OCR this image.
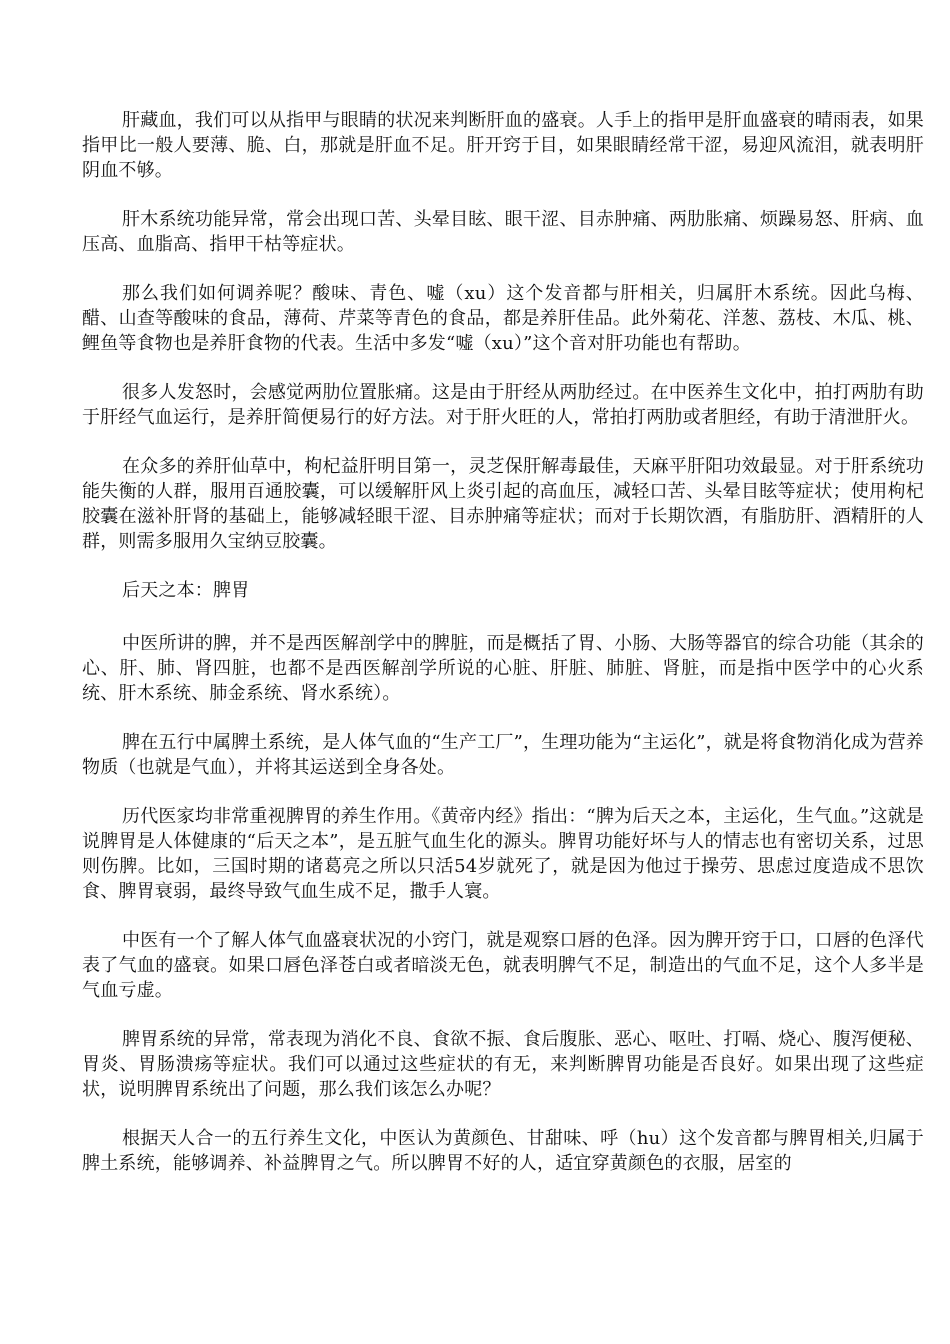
肝藏血，我们可以从指甲与眼睛的状况来判断肝血的盛衰。人手上的指甲是肝血盛衰的晴雨表，如果指甲比一般人要薄、脆、白，那就是肝血不足。肝开窍于目，如果眼睛经常干涩，易迎风流泪，就表明肝阴血不够。

肝木系统功能异常，常会出现口苦、头晕目眩、眼干涩、目赤肿痛、两肋胀痛、烦躁易怒、肝病、血压高、血脂高、指甲干枯等症状。

那么我们如何调养呢？酸味、青色、嘘（xu）这个发音都与肝相关，归属肝木系统。因此乌梅、醋、山查等酸味的食品，薄荷、芹菜等青色的食品，都是养肝佳品。此外菊花、洋葱、荔枝、木瓜、桃、鲤鱼等食物也是养肝食物的代表。生活中多发“嘘（xu）”这个音对肝功能也有帮助。

很多人发怒时，会感觉两肋位置胀痛。这是由于肝经从两肋经过。在中医养生文化中，拍打两肋有助于肝经气血运行，是养肝简便易行的好方法。对于肝火旺的人，常拍打两肋或者胆经，有助于清泄肝火。

在众多的养肝仙草中，枸杞益肝明目第一，灵芝保肝解毒最佳，天麻平肝阳功效最显。对于肝系统功能失衡的人群，服用百通胶囊，可以缓解肝风上炎引起的高血压，减轻口苦、头晕目眩等症状；使用枸杞胶囊在滋补肝肾的基础上，能够减轻眼干涩、目赤肿痛等症状；而对于长期饮酒，有脂肪肝、酒精肝的人群，则需多服用久宝纳豆胶囊。

后天之本：脾胃

中医所讲的脾，并不是西医解剖学中的脾脏，而是概括了胃、小肠、大肠等器官的综合功能（其余的心、肝、肺、肾四脏，也都不是西医解剖学所说的心脏、肝脏、肺脏、肾脏，而是指中医学中的心火系统、肝木系统、肺金系统、肾水系统）。

脾在五行中属脾土系统，是人体气血的“生产工厂”，生理功能为“主运化”，就是将食物消化成为营养物质（也就是气血），并将其运送到全身各处。

历代医家均非常重视脾胃的养生作用。《黄帝内经》指出：“脾为后天之本，主运化，生气血。”这就是说脾胃是人体健康的“后天之本”，是五脏气血生化的源头。脾胃功能好坏与人的情志也有密切关系，过思则伤脾。比如，三国时期的诸葛亮之所以只活54岁就死了，就是因为他过于操劳、思虑过度造成不思饮食、脾胃衰弱，最终导致气血生成不足，撒手人寰。

中医有一个了解人体气血盛衰状况的小窍门，就是观察口唇的色泽。因为脾开窍于口，口唇的色泽代表了气血的盛衰。如果口唇色泽苍白或者暗淡无色，就表明脾气不足，制造出的气血不足，这个人多半是气血亏虚。

脾胃系统的异常，常表现为消化不良、食欲不振、食后腹胀、恶心、呕吐、打嗝、烧心、腹泻便秘、胃炎、胃肠溃疡等症状。我们可以通过这些症状的有无，来判断脾胃功能是否良好。如果出现了这些症状，说明脾胃系统出了问题，那么我们该怎么办呢？

根据天人合一的五行养生文化，中医认为黄颜色、甘甜味、呼（hu）这个发音都与脾胃相关,归属于脾土系统，能够调养、补益脾胃之气。所以脾胃不好的人，适宜穿黄颜色的衣服，居室的
